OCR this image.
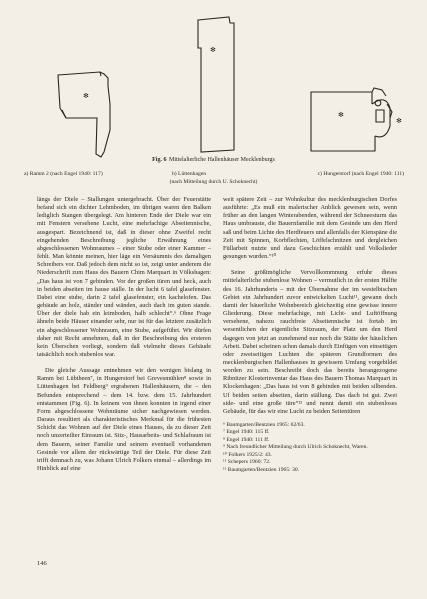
✻
✻
✻
✻
Fig. 6 Mittelalterliche Hallenhäuser Mecklenburgs
a) Ramm 2 (nach Engel 1940: 117)	b) Lüttenhagen	c) Hungerstorf (nach Engel 1940: 111)
(nach Mitteilung durch U. Schoknecht)

längs der Diele – Stallungen untergebracht. Über der Feuerstätte befand sich ein dichter Lehmboden, im übrigen waren den Balken lediglich Stangen übergelegt. Am hinteren Ende der Diele war ein mit Fenstern versehene Lucht, eine mehrfachige Abseitennische, ausgespart. Bezeichnend ist, daß in dieser ohne Zweifel recht eingehenden Beschreibung jegliche Erwähnung eines abgeschlossenen Wohnraumes – einer Stube oder einer Kammer – fehlt. Man könnte meinen, hier läge ein Versäumnis des damaligen Schreibers vor. Daß jedoch dem nicht so ist, zeigt unter anderem die Niederschrift zum Haus des Bauern Chim Marquart in Völkshagen: „Das haus ist von 7 gebinden. Vor der großen türen und heck, auch in beiden abseiten im hause ställe. In der lucht 6 tafel glasefenster. Dabei eine stube, darin 2 tafel glasefenster, ein kachelofen. Das gebäude an holz, ständer und wänden, auch dach im guten stande. Über der diele hab ein leimboden, halb schlecht“.⁶ Ohne Frage ähneln beide Häuser einander sehr, nur ist für das letztere zusätzlich ein abgeschlossener Wohnraum, eine Stube, aufgeführt. Wir dürfen daher mit Recht annehmen, daß in der Beschreibung des ersteren kein Überschen vorliegt, sondern daß vielmehr dieses Gebäude tatsächlich noch stubenlos war.

Die gleiche Aussage entnehmen wir den wenigen bislang in Ramm bei Lübtheen⁷, in Hungerstorf bei Grevesmühlen⁸ sowie in Lüttenhagen bei Feldberg⁹ ergrabenen Hallenhäusern, die – den Befunden entsprechend – dem 14. bzw. dem 15. Jahrhundert entstammen (Fig. 6). In keinem von ihnen konnten in irgend einer Form abgeschlossene Wohnräume sicher nachgewiesen werden. Daraus resultiert als charakteristisches Merkmal für die frühesten Schicht das Wohnen auf der Diele eines Hauses, da zu dieser Zeit noch unzerteilter Einraum ist. Sitz-, Hausarbeits- und Schlafraum ist dem Bauern, seiner Familie und seinem eventuell vorhandenen Gesinde vor allem der rückwärtige Teil der Diele. Für diese Zeit trifft demnach zu, was Johann Ulrich Folkers einmal – allerdings im Hinblick auf eine

weit spätere Zeit – zur Wohnkultur des mecklenburgischen Dorfes ausführte: „Es muß ein malerischer Anblick gewesen sein, wenn früher an den langen Winterabenden, während der Schneesturm das Haus umbrauste, die Bauernfamilie mit dem Gesinde um den Herd saß und beim Lichte des Herdfeuers und allenfalls der Kienspäne die Zeit mit Spinnen, Korbflechten, Löffelschnitzen und dergleichen Füllarbeit nutzte und dazu Geschichten erzählt und Volkslieder gesungen wurden.“¹⁰

Seine größtmögliche Vervollkommnung erfuhr dieses mittelalterliche stubenlose Wohnen – vermutlich in der ersten Hälfte des 16. Jahrhunderts – mit der Übernahme der im westelbischen Gebiet ein Jahrhundert zuvor entwickelten Lucht¹¹, gewann doch damit der bäuerliche Wohnbereich gleichzeitig eine gewisse innere Gliederung. Diese mehrfachige, mit Licht- und Luftöffnung versehene, nahezu rauchfreie Abseitennische ist fortab im wesentlichen der eigentliche Sitzraum, der Platz um den Herd dagegen von jetzt an zunehmend nur noch die Stätte der häuslichen Arbeit. Dabei scheinen schon damals durch Einfügen von einseitigen oder zweiseitigen Luchten die späteren Grundformen des mecklenburgischen Hallenhauses in gewissem Umfang vorgebildet worden zu sein. Beschreibt doch das bereits herangezogene Ribnitzer Klosterinventar das Haus des Bauern Thomas Marquart in Klockenhagen: „Das haus ist von 8 gebinden mit beiden silbenden. Uf beiden seiten abseiten, darin ställung. Das dach ist gut. Zwei side- und eine große türe“¹² und nennt damit ein stubenloses Gebäude, für das wir eine Lucht zu beiden Seitentüren

⁶ Baumgarten/Bentzien 1965: 62/63.
⁷ Engel 1940: 115 ff.
⁸ Engel 1940: 111 ff.
⁹ Nach freundlicher Mitteilung durch Ulrich Schoknecht, Waren.
¹⁰ Folkers 1925/2: 43.
¹¹ Schepers 1960: 72.
¹² Baumgarten/Bentzien 1965: 30.
146
